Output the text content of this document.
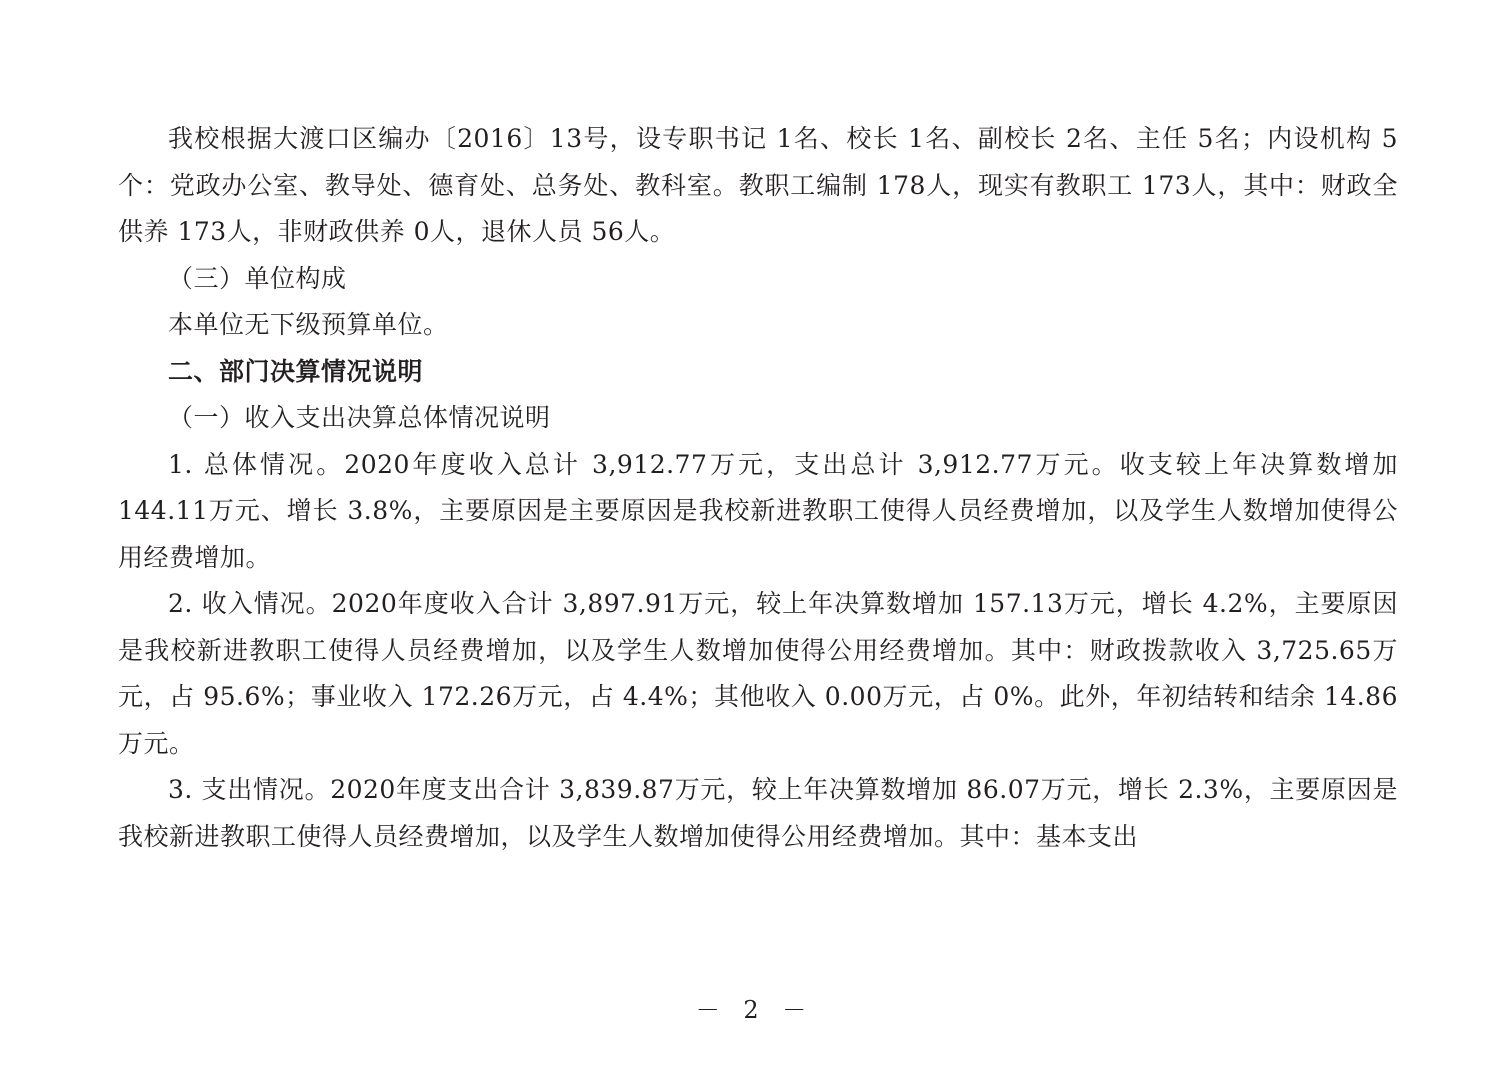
我校根据大渡口区编办〔2016〕13号，设专职书记 1名、校长 1名、副校长 2名、主任 5名；内设机构 5个：党政办公室、教导处、德育处、总务处、教科室。教职工编制 178人，现实有教职工 173人，其中：财政全供养 173人，非财政供养 0人，退休人员 56人。

（三）单位构成

本单位无下级预算单位。

二、部门决算情况说明

（一）收入支出决算总体情况说明

1. 总体情况。2020年度收入总计 3,912.77万元，支出总计 3,912.77万元。收支较上年决算数增加 144.11万元、增长 3.8%，主要原因是主要原因是我校新进教职工使得人员经费增加，以及学生人数增加使得公用经费增加。

2. 收入情况。2020年度收入合计 3,897.91万元，较上年决算数增加 157.13万元，增长 4.2%，主要原因是我校新进教职工使得人员经费增加，以及学生人数增加使得公用经费增加。其中：财政拨款收入 3,725.65万元，占 95.6%；事业收入 172.26万元，占 4.4%；其他收入 0.00万元，占 0%。此外，年初结转和结余 14.86万元。

3. 支出情况。2020年度支出合计 3,839.87万元，较上年决算数增加 86.07万元，增长 2.3%，主要原因是我校新进教职工使得人员经费增加，以及学生人数增加使得公用经费增加。其中：基本支出

－ 2 －
